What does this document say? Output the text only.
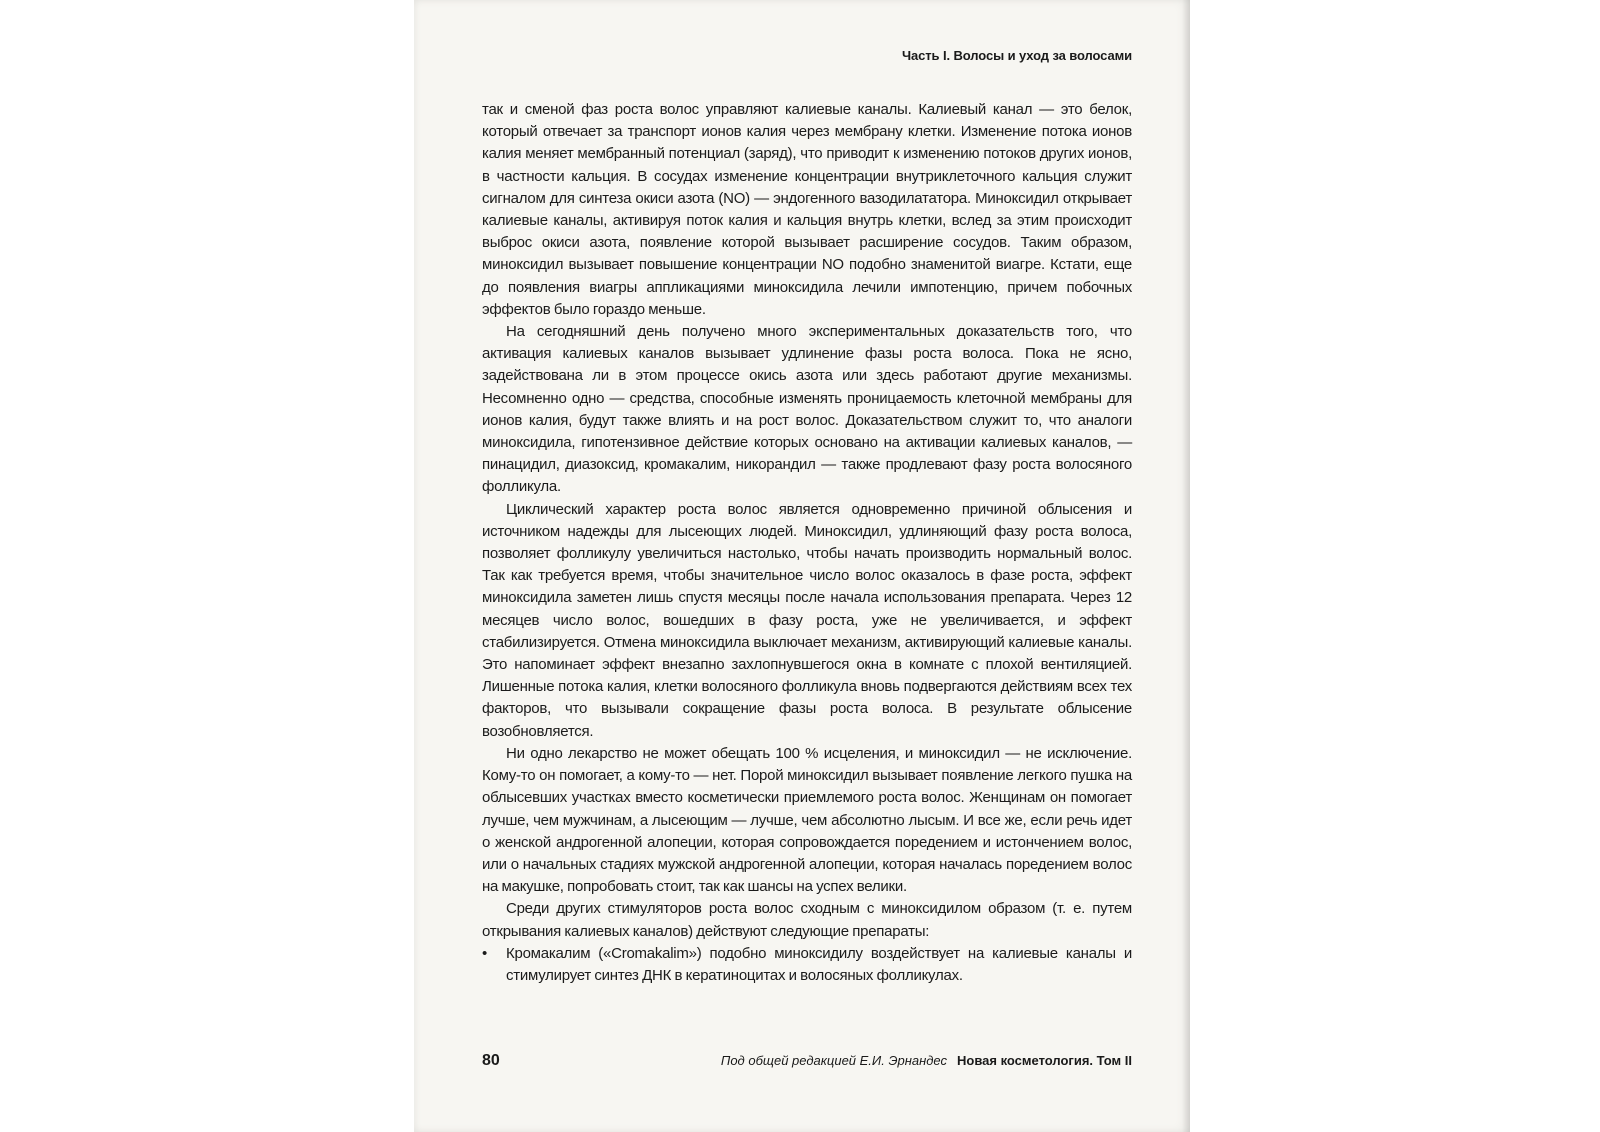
Часть I. Волосы и уход за волосами

так и сменой фаз роста волос управляют калиевые каналы. Калиевый канал — это белок, который отвечает за транспорт ионов калия через мембрану клетки. Изменение потока ионов калия меняет мембранный потенциал (заряд), что приводит к изменению потоков других ионов, в частности кальция. В сосудах изменение концентрации внутриклеточного кальция служит сигналом для синтеза окиси азота (NO) — эндогенного вазодилататора. Миноксидил открывает калиевые каналы, активируя поток калия и кальция внутрь клетки, вслед за этим происходит выброс окиси азота, появление которой вызывает расширение сосудов. Таким образом, миноксидил вызывает повышение концентрации NO подобно знаменитой виагре. Кстати, еще до появления виагры аппликациями миноксидила лечили импотенцию, причем побочных эффектов было гораздо меньше.

На сегодняшний день получено много экспериментальных доказательств того, что активация калиевых каналов вызывает удлинение фазы роста волоса. Пока не ясно, задействована ли в этом процессе окись азота или здесь работают другие механизмы. Несомненно одно — средства, способные изменять проницаемость клеточной мембраны для ионов калия, будут также влиять и на рост волос. Доказательством служит то, что аналоги миноксидила, гипотензивное действие которых основано на активации калиевых каналов, — пинацидил, диазоксид, кромакалим, никорандил — также продлевают фазу роста волосяного фолликула.

Циклический характер роста волос является одновременно причиной облысения и источником надежды для лысеющих людей. Миноксидил, удлиняющий фазу роста волоса, позволяет фолликулу увеличиться настолько, чтобы начать производить нормальный волос. Так как требуется время, чтобы значительное число волос оказалось в фазе роста, эффект миноксидила заметен лишь спустя месяцы после начала использования препарата. Через 12 месяцев число волос, вошедших в фазу роста, уже не увеличивается, и эффект стабилизируется. Отмена миноксидила выключает механизм, активирующий калиевые каналы. Это напоминает эффект внезапно захлопнувшегося окна в комнате с плохой вентиляцией. Лишенные потока калия, клетки волосяного фолликула вновь подвергаются действиям всех тех факторов, что вызывали сокращение фазы роста волоса. В результате облысение возобновляется.

Ни одно лекарство не может обещать 100 % исцеления, и миноксидил — не исключение. Кому-то он помогает, а кому-то — нет. Порой миноксидил вызывает появление легкого пушка на облысевших участках вместо косметически приемлемого роста волос. Женщинам он помогает лучше, чем мужчинам, а лысеющим — лучше, чем абсолютно лысым. И все же, если речь идет о женской андрогенной алопеции, которая сопровождается поредением и истончением волос, или о начальных стадиях мужской андрогенной алопеции, которая началась поредением волос на макушке, попробовать стоит, так как шансы на успех велики.

Среди других стимуляторов роста волос сходным с миноксидилом образом (т. е. путем открывания калиевых каналов) действуют следующие препараты:

•	Кромакалим («Cromakalim») подобно миноксидилу воздействует на калиевые каналы и стимулирует синтез ДНК в кератиноцитах и волосяных фолликулах.
80	Под общей редакцией Е.И. Эрнандес Новая косметология. Том II
